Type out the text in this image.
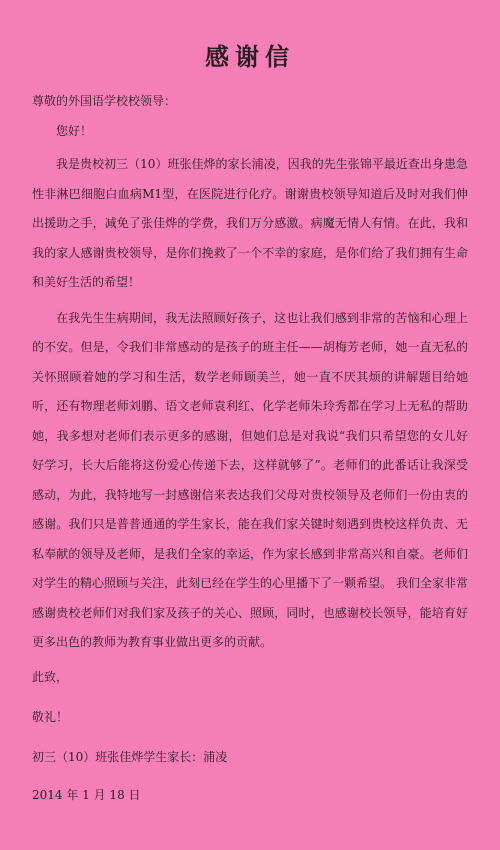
感谢信
尊敬的外国语学校校领导：
您好！

我是贵校初三（10）班张佳烨的家长浦凌，因我的先生张锦平最近查出身患急性非淋巴细胞白血病M1型，在医院进行化疗。谢谢贵校领导知道后及时对我们伸出援助之手，减免了张佳烨的学费，我们万分感激。病魔无情人有情。在此，我和我的家人感谢贵校领导，是你们挽救了一个不幸的家庭，是你们给了我们拥有生命和美好生活的希望！

在我先生生病期间，我无法照顾好孩子，这也让我们感到非常的苦恼和心理上的不安。但是，令我们非常感动的是孩子的班主任——胡梅芳老师，她一直无私的关怀照顾着她的学习和生活，数学老师顾美兰，她一直不厌其烦的讲解题目给她听，还有物理老师刘鹏、语文老师袁利红、化学老师朱玲秀都在学习上无私的帮助她，我多想对老师们表示更多的感谢，但她们总是对我说“我们只希望您的女儿好好学习，长大后能将这份爱心传递下去，这样就够了”。老师们的此番话让我深受感动，为此，我特地写一封感谢信来表达我们父母对贵校领导及老师们一份由衷的感谢。我们只是普普通通的学生家长，能在我们家关键时刻遇到贵校这样负责、无私奉献的领导及老师，是我们全家的幸运，作为家长感到非常高兴和自豪。老师们对学生的精心照顾与关注，此刻已经在学生的心里播下了一颗希望。 我们全家非常感谢贵校老师们对我们家及孩子的关心、照顾，同时，也感谢校长领导，能培育好更多出色的教师为教育事业做出更多的贡献。

此致，
敬礼！
初三（10）班张佳烨学生家长：浦凌
2014 年 1 月 18 日
